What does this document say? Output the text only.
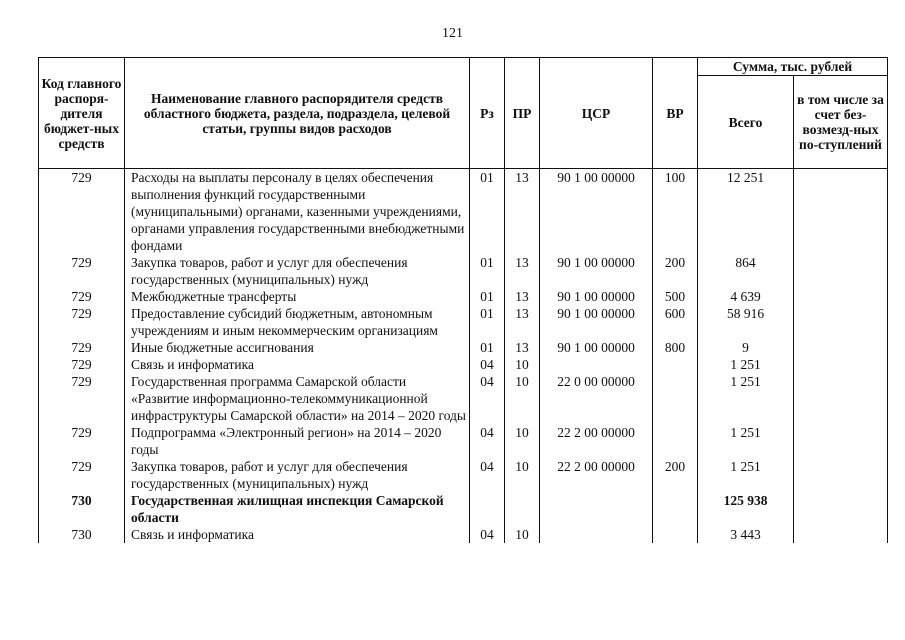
121
Код главного распоря-дителя бюджет-ных средств	Наименование главного распорядителя средств областного бюджета, раздела, подраздела, целевой статьи, группы видов расходов	Рз	ПР	ЦСР	ВР	Сумма, тыс. рублей	
						Всего	в том числе за счет без-возмезд-ных по-ступлений
729	Расходы на выплаты персоналу в целях обеспечения выполнения функций государственными (муниципальными) органами, казенными учреждениями, органами управления государственными внебюджетными фондами	01	13	90 1 00 00000	100	12 251	
729	Закупка товаров, работ и услуг для обеспечения государственных (муниципальных) нужд	01	13	90 1 00 00000	200	864	
729	Межбюджетные трансферты	01	13	90 1 00 00000	500	4 639	
729	Предоставление субсидий бюджетным, автономным учреждениям и иным некоммерческим организациям	01	13	90 1 00 00000	600	58 916	
729	Иные бюджетные ассигнования	01	13	90 1 00 00000	800	9	
729	Связь и информатика	04	10			1 251	
729	Государственная программа Самарской области «Развитие информационно-телекоммуникационной инфраструктуры Самарской области» на 2014 – 2020 годы	04	10	22 0 00 00000		1 251	
729	Подпрограмма «Электронный регион» на 2014 – 2020 годы	04	10	22 2 00 00000		1 251	
729	Закупка товаров, работ и услуг для обеспечения государственных (муниципальных) нужд	04	10	22 2 00 00000	200	1 251	
730	Государственная жилищная инспекция Самарской области					125 938	
730	Связь и информатика	04	10			3 443	
